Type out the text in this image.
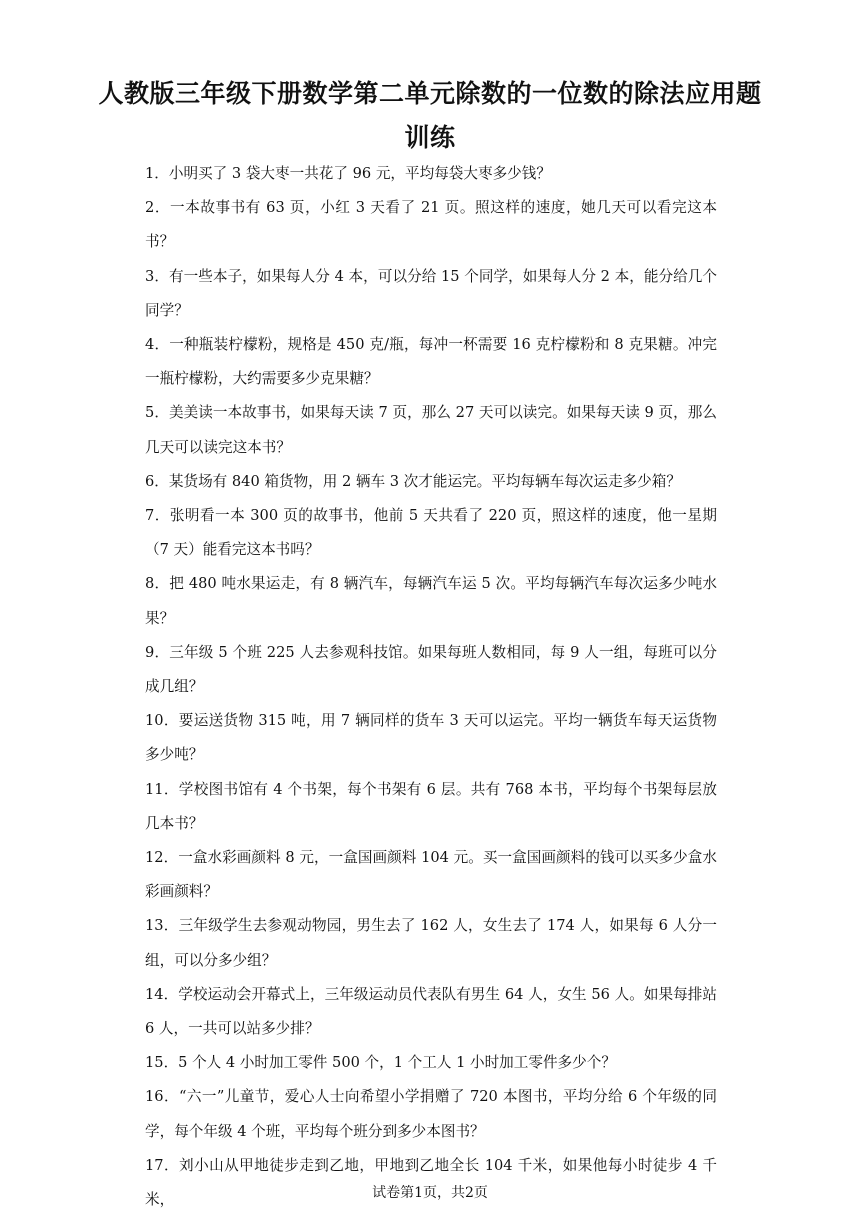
人教版三年级下册数学第二单元除数的一位数的除法应用题
训练

1．小明买了 3 袋大枣一共花了 96 元，平均每袋大枣多少钱？

2．一本故事书有 63 页，小红 3 天看了 21 页。照这样的速度，她几天可以看完这本书？

3．有一些本子，如果每人分 4 本，可以分给 15 个同学，如果每人分 2 本，能分给几个同学？

4．一种瓶装柠檬粉，规格是 450 克/瓶，每冲一杯需要 16 克柠檬粉和 8 克果糖。冲完一瓶柠檬粉，大约需要多少克果糖？

5．美美读一本故事书，如果每天读 7 页，那么 27 天可以读完。如果每天读 9 页，那么几天可以读完这本书？

6．某货场有 840 箱货物，用 2 辆车 3 次才能运完。平均每辆车每次运走多少箱？

7．张明看一本 300 页的故事书，他前 5 天共看了 220 页，照这样的速度，他一星期（7 天）能看完这本书吗？

8．把 480 吨水果运走，有 8 辆汽车，每辆汽车运 5 次。平均每辆汽车每次运多少吨水果？

9．三年级 5 个班 225 人去参观科技馆。如果每班人数相同，每 9 人一组，每班可以分成几组？

10．要运送货物 315 吨，用 7 辆同样的货车 3 天可以运完。平均一辆货车每天运货物多少吨？

11．学校图书馆有 4 个书架，每个书架有 6 层。共有 768 本书，平均每个书架每层放几本书？

12．一盒水彩画颜料 8 元，一盒国画颜料 104 元。买一盒国画颜料的钱可以买多少盒水彩画颜料？

13．三年级学生去参观动物园，男生去了 162 人，女生去了 174 人，如果每 6 人分一组，可以分多少组？

14．学校运动会开幕式上，三年级运动员代表队有男生 64 人，女生 56 人。如果每排站 6 人，一共可以站多少排？

15．5 个人 4 小时加工零件 500 个，1 个工人 1 小时加工零件多少个？

16．“六一”儿童节，爱心人士向希望小学捐赠了 720 本图书，平均分给 6 个年级的同学，每个年级 4 个班，平均每个班分到多少本图书？

17．刘小山从甲地徒步走到乙地，甲地到乙地全长 104 千米，如果他每小时徒步 4 千米，	试卷第1页，共2页
